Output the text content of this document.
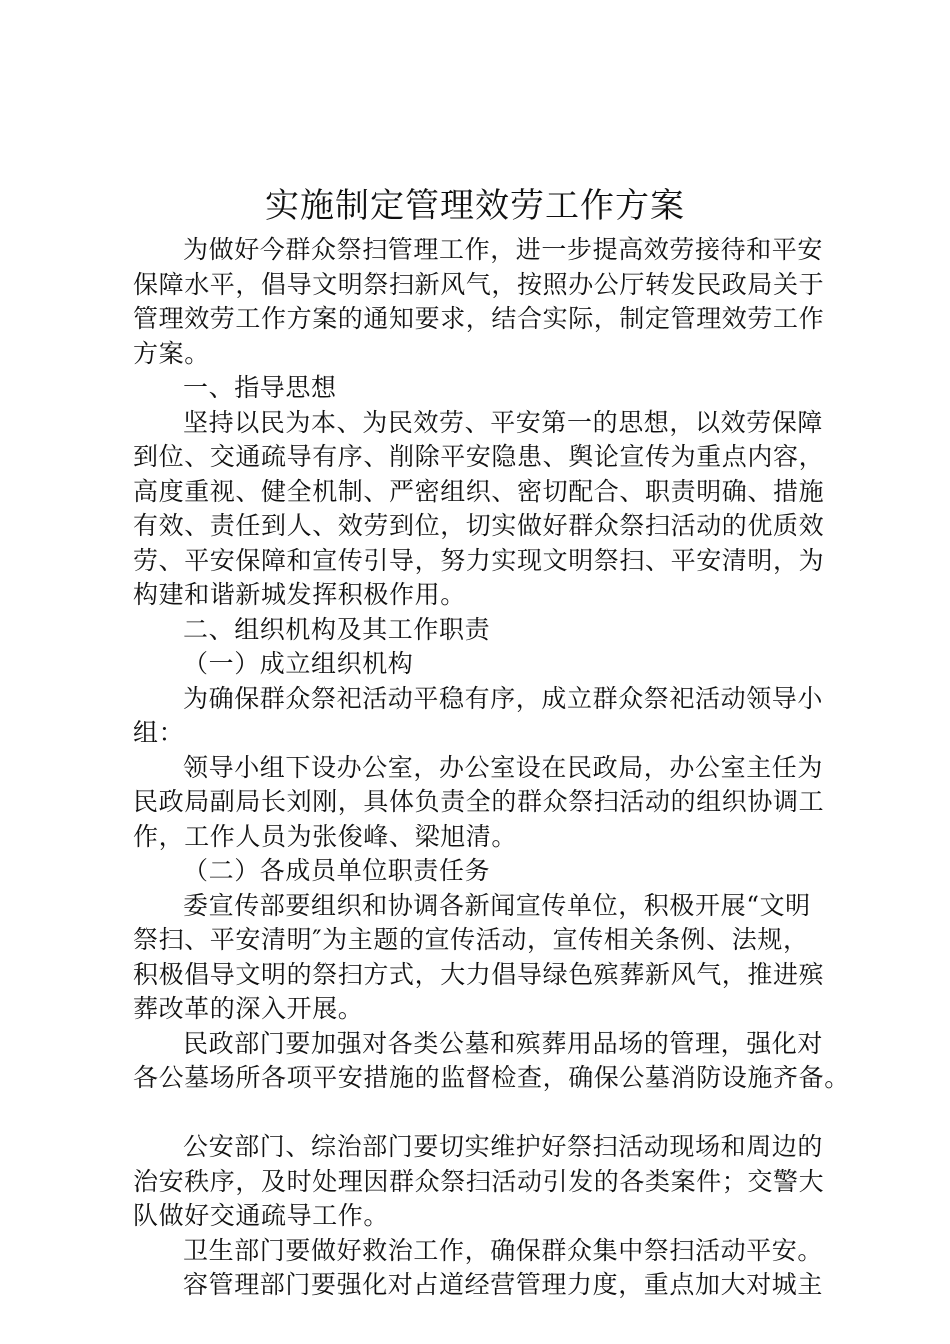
实施制定管理效劳工作方案
为做好今群众祭扫管理工作，进一步提高效劳接待和平安
保障水平，倡导文明祭扫新风气，按照办公厅转发民政局关于
管理效劳工作方案的通知要求，结合实际，制定管理效劳工作
方案。
一、指导思想
坚持以民为本、为民效劳、平安第一的思想，以效劳保障
到位、交通疏导有序、削除平安隐患、舆论宣传为重点内容，
高度重视、健全机制、严密组织、密切配合、职责明确、措施
有效、责任到人、效劳到位，切实做好群众祭扫活动的优质效
劳、平安保障和宣传引导，努力实现文明祭扫、平安清明，为
构建和谐新城发挥积极作用。
二、组织机构及其工作职责
（一）成立组织机构
为确保群众祭祀活动平稳有序，成立群众祭祀活动领导小
组：
领导小组下设办公室，办公室设在民政局，办公室主任为
民政局副局长刘刚，具体负责全的群众祭扫活动的组织协调工
作，工作人员为张俊峰、梁旭清。
（二）各成员单位职责任务
委宣传部要组织和协调各新闻宣传单位，积极开展“文明
祭扫、平安清明″为主题的宣传活动，宣传相关条例、法规，
积极倡导文明的祭扫方式，大力倡导绿色殡葬新风气，推进殡
葬改革的深入开展。
民政部门要加强对各类公墓和殡葬用品场的管理，强化对
各公墓场所各项平安措施的监督检查，确保公墓消防设施齐备。
公安部门、综治部门要切实维护好祭扫活动现场和周边的
治安秩序，及时处理因群众祭扫活动引发的各类案件；交警大
队做好交通疏导工作。
卫生部门要做好救治工作，确保群众集中祭扫活动平安。
容管理部门要强化对占道经营管理力度，重点加大对城主
